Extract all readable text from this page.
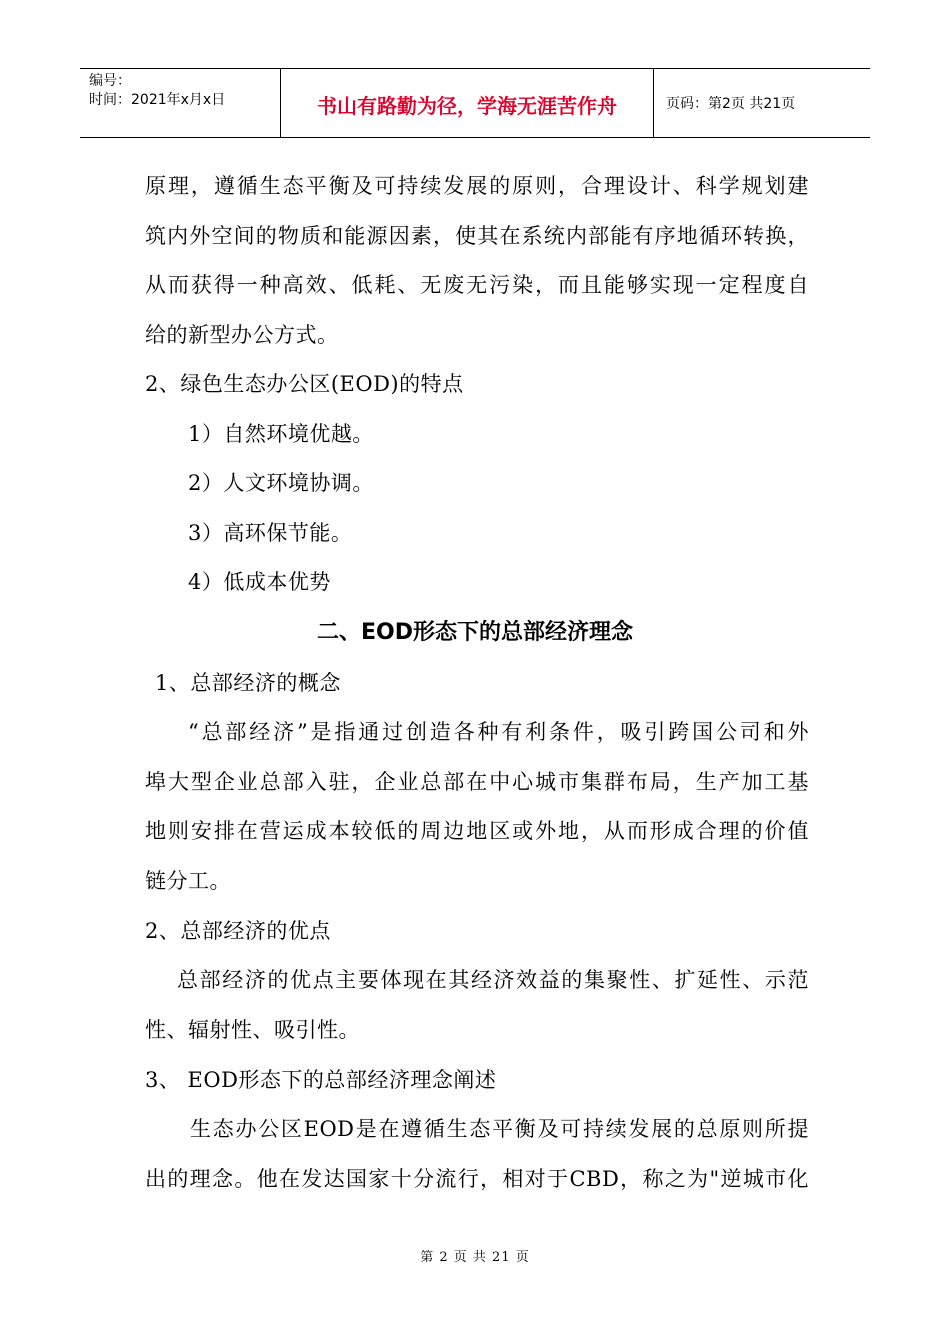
编号：
时间：2021年x月x日	书山有路勤为径，学海无涯苦作舟	页码：第2页 共21页
原理，遵循生态平衡及可持续发展的原则，合理设计、科学规划建
筑内外空间的物质和能源因素，使其在系统内部能有序地循环转换，
从而获得一种高效、低耗、无废无污染，而且能够实现一定程度自
给的新型办公方式。
2、绿色生态办公区(EOD)的特点
1）自然环境优越。
2）人文环境协调。
3）高环保节能。
4）低成本优势
二、EOD形态下的总部经济理念
1、总部经济的概念
“总部经济”是指通过创造各种有利条件，吸引跨国公司和外
埠大型企业总部入驻，企业总部在中心城市集群布局，生产加工基
地则安排在营运成本较低的周边地区或外地，从而形成合理的价值
链分工。
2、总部经济的优点
总部经济的优点主要体现在其经济效益的集聚性、扩延性、示范
性、辐射性、吸引性。
3、 EOD形态下的总部经济理念阐述
生态办公区EOD是在遵循生态平衡及可持续发展的总原则所提
出的理念。他在发达国家十分流行，相对于CBD，称之为"逆城市化
第 2 页 共 21 页
